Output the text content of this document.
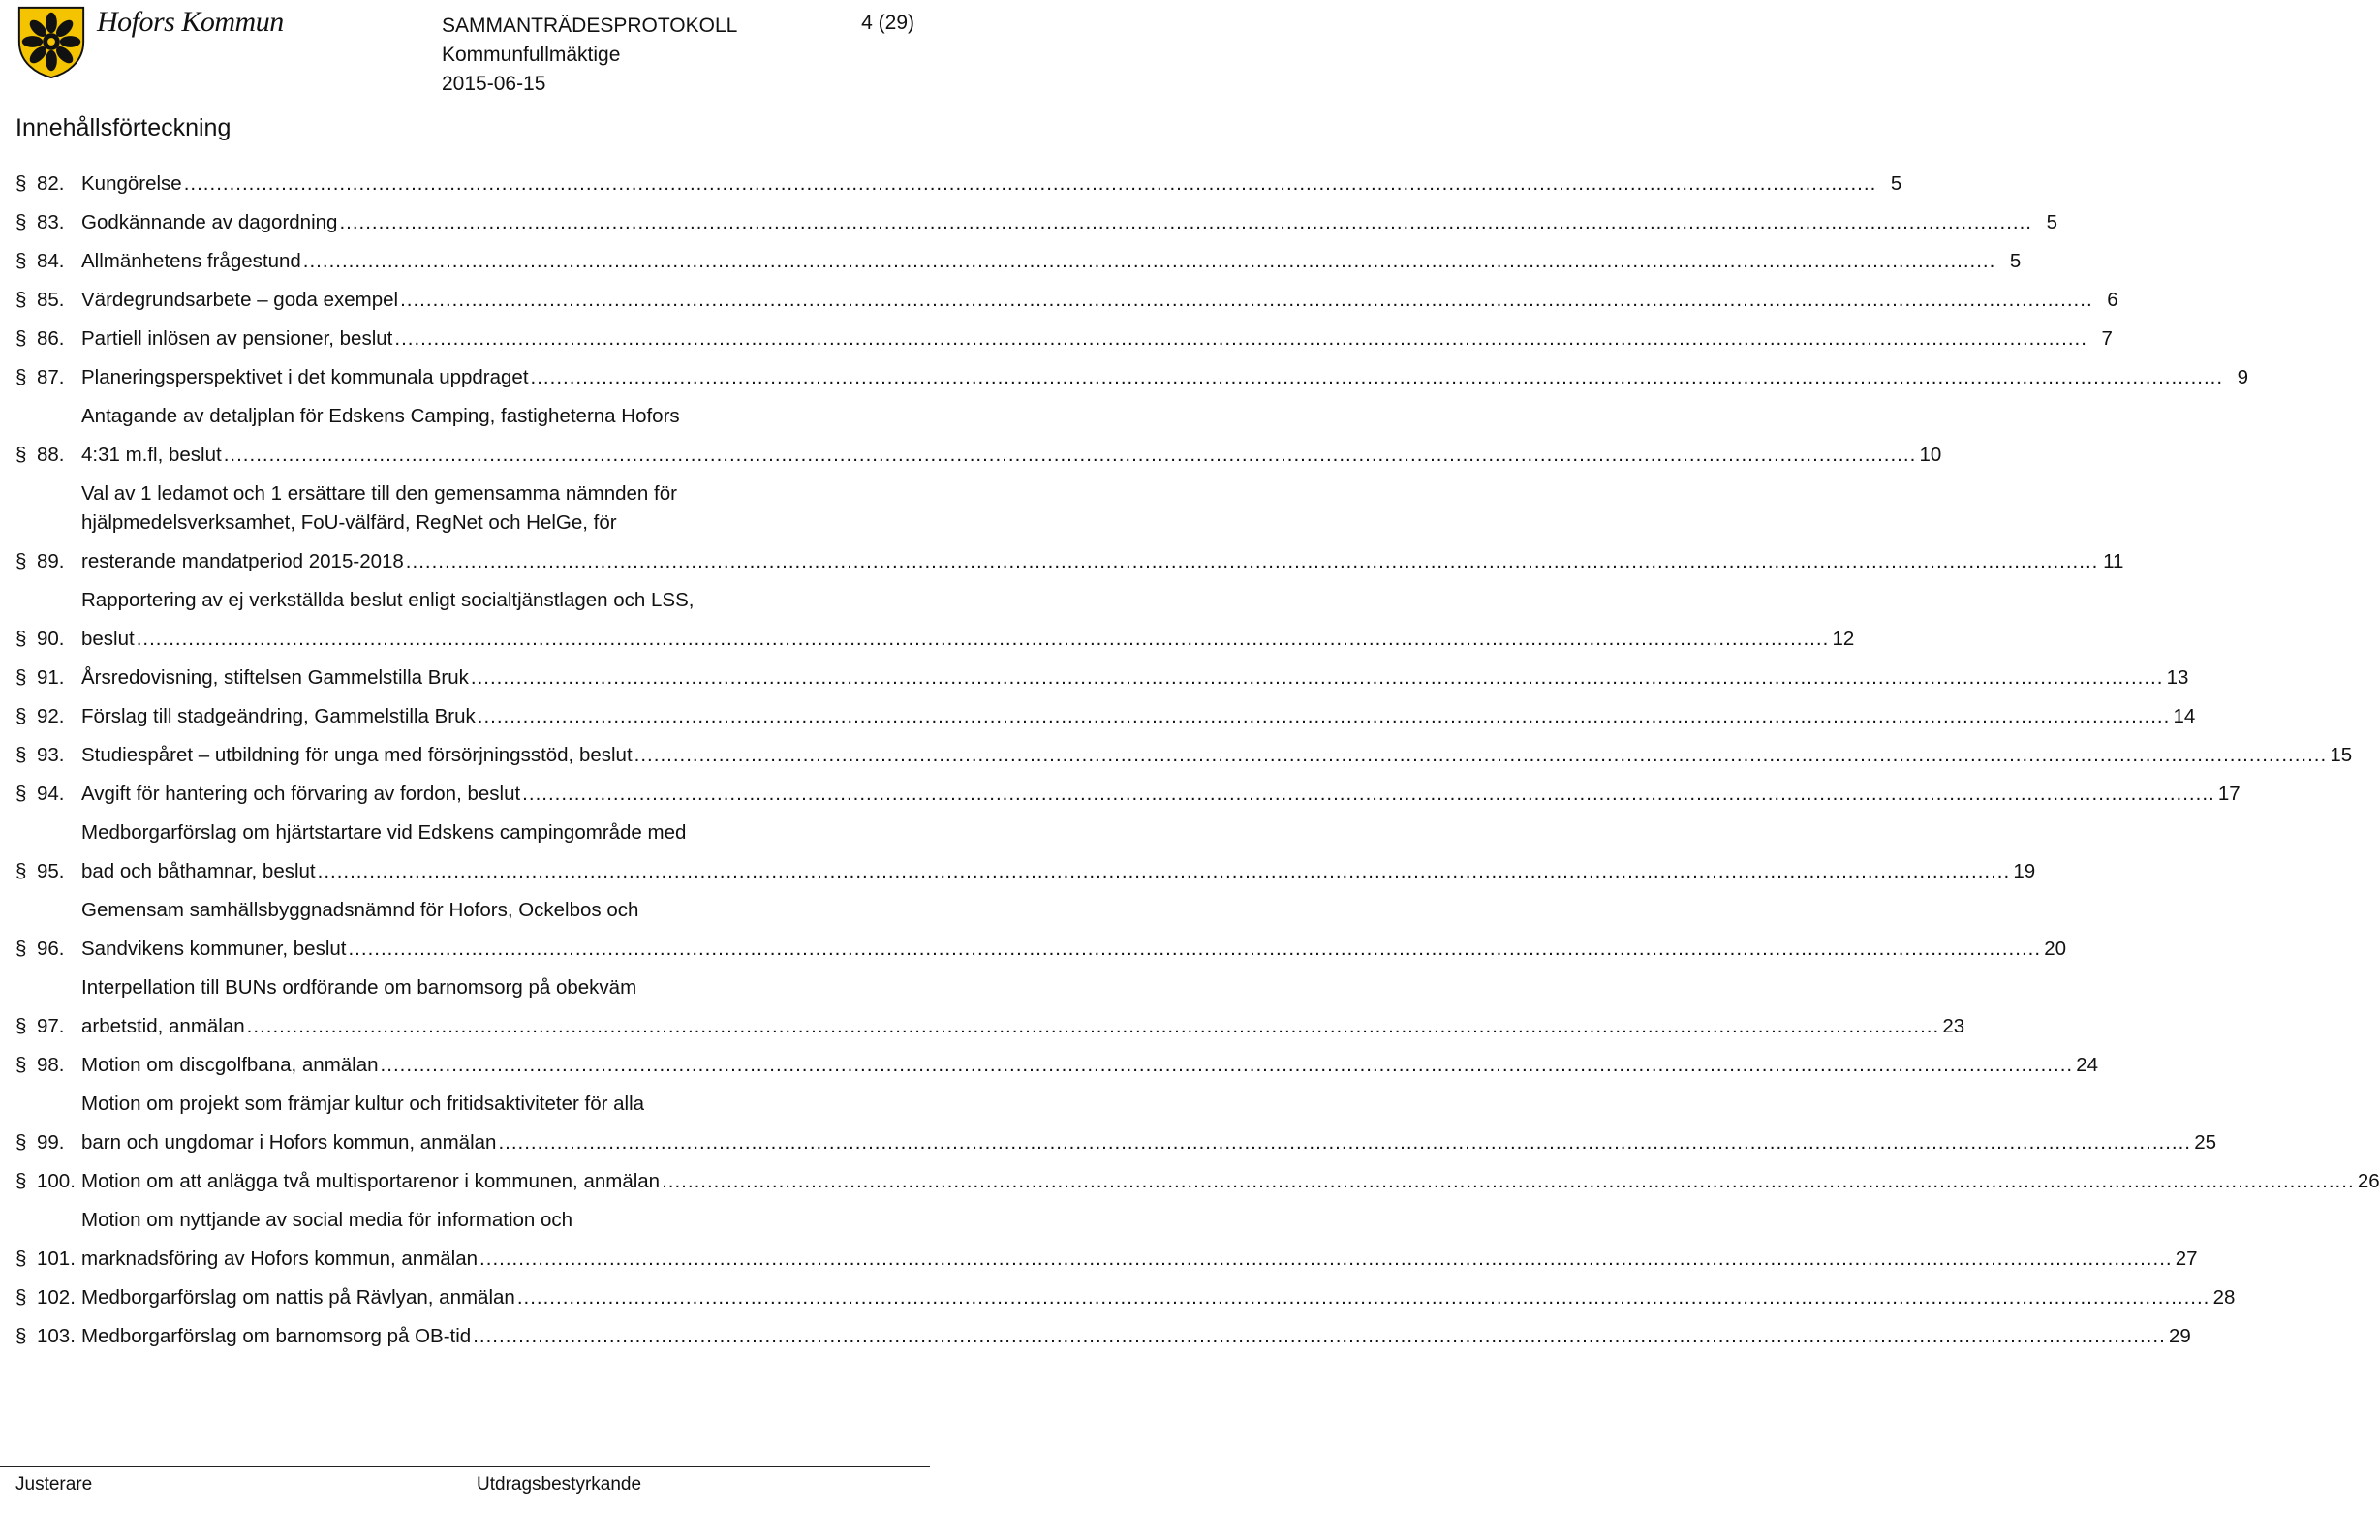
Hofors Kommun	SAMMANTRÄDESPROTOKOLL
Kommunfullmäktige
2015-06-15
4 (29)
Innehållsförteckning
§ 82. Kungörelse .....	5
§ 83. Godkännande av dagordning .....	5
§ 84. Allmänhetens frågestund .....	5
§ 85. Värdegrundsarbete – goda exempel .....	6
§ 86. Partiell inlösen av pensioner, beslut .....	7
§ 87. Planeringsperspektivet i det kommunala uppdraget .....	9
§ 88.
Antagande av detaljplan för Edskens Camping, fastigheterna Hofors
4:31 m.fl, beslut .....	10
§ 89.
Val av 1 ledamot och 1 ersättare till den gemensamma nämnden för
hjälpmedelsverksamhet, FoU-välfärd, RegNet och HelGe, för
resterande mandatperiod 2015-2018 .....	11
§ 90.
Rapportering av ej verkställda beslut enligt socialtjänstlagen och LSS,
beslut .....	12
§ 91. Årsredovisning, stiftelsen Gammelstilla Bruk .....	13
§ 92. Förslag till stadgeändring, Gammelstilla Bruk .....	14
§ 93. Studiespåret – utbildning för unga med försörjningsstöd, beslut .....	15
§ 94. Avgift för hantering och förvaring av fordon, beslut .....	17
§ 95.
Medborgarförslag om hjärtstartare vid Edskens campingområde med
bad och båthamnar, beslut .....	19
§ 96.
Gemensam samhällsbyggnadsnämnd för Hofors, Ockelbos och
Sandvikens kommuner, beslut .....	20
§ 97.
Interpellation till BUNs ordförande om barnomsorg på obekväm
arbetstid, anmälan .....	23
§ 98. Motion om discgolfbana, anmälan .....	24
§ 99.
Motion om projekt som främjar kultur och fritidsaktiviteter för alla
barn och ungdomar i Hofors kommun, anmälan .....	25
§ 100. Motion om att anlägga två multisportarenor i kommunen, anmälan .....	26
§ 101.
Motion om nyttjande av social media för information och
marknadsföring av Hofors kommun, anmälan .....	27
§ 102. Medborgarförslag om nattis på Rävlyan, anmälan .....	28
§ 103. Medborgarförslag om barnomsorg på OB-tid .....	29
Justerare	Utdragsbestyrkande
